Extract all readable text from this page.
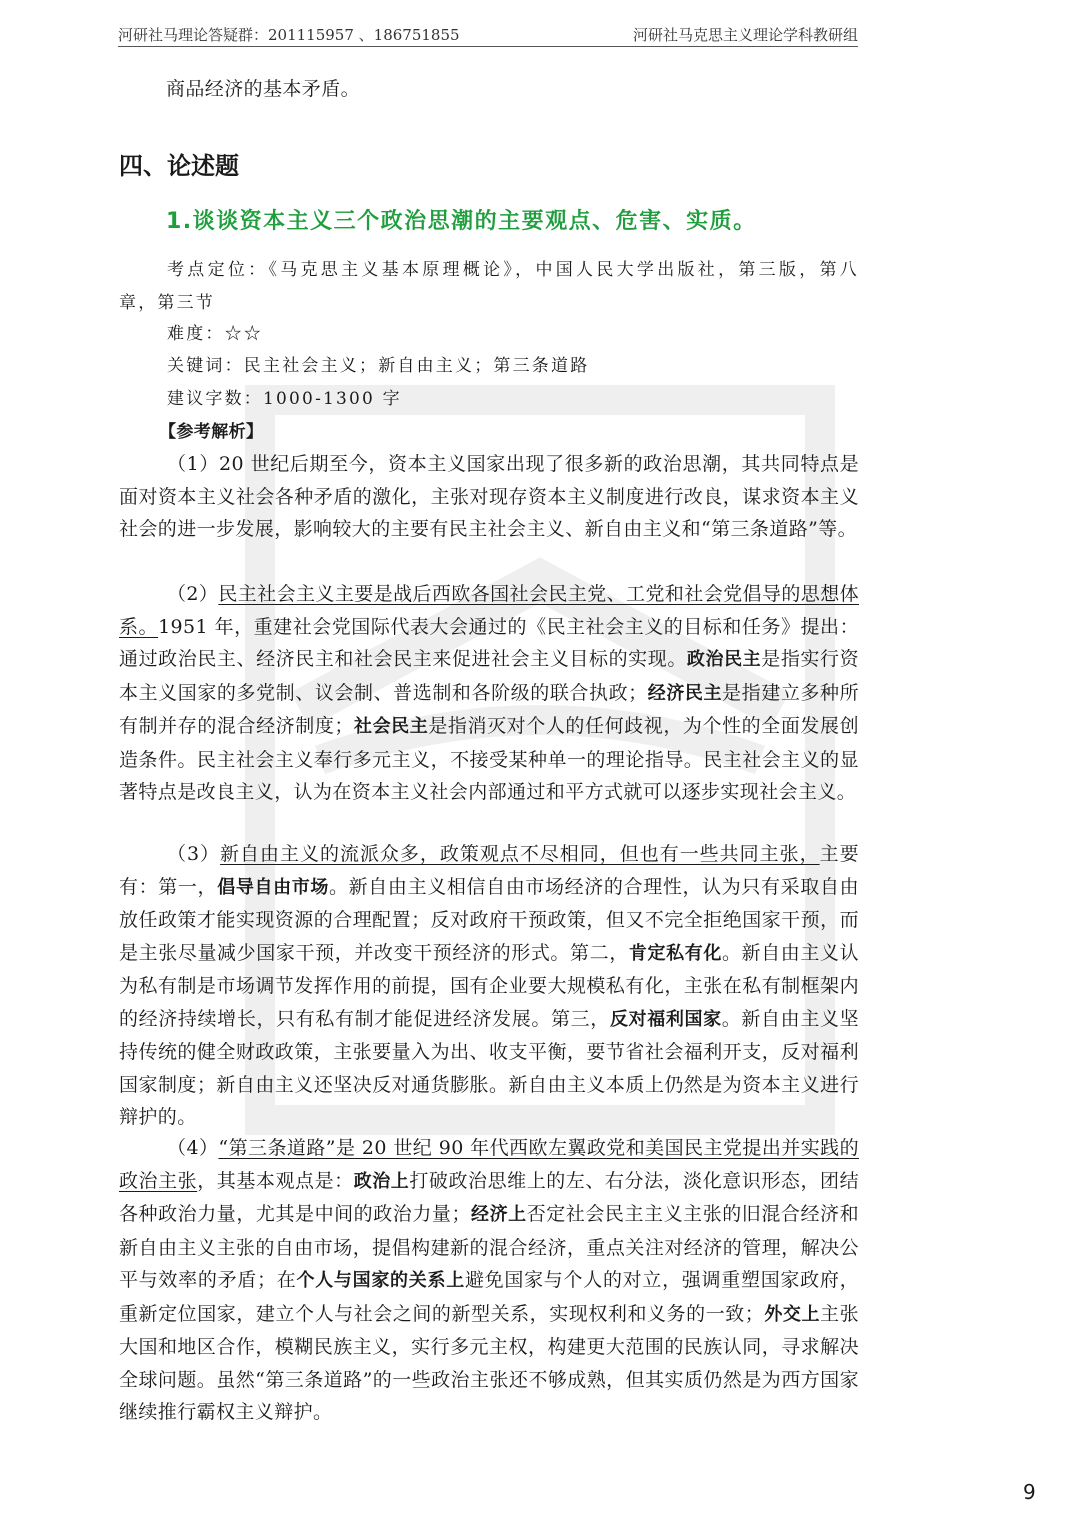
河研社马理论答疑群：201115957 、186751855	河研社马克思主义理论学科教研组
商品经济的基本矛盾。
四、论述题
1.谈谈资本主义三个政治思潮的主要观点、危害、实质。
考点定位：《马克思主义基本原理概论》，中国人民大学出版社，第三版，第八章，第三节
难度：☆☆
关键词：民主社会主义；新自由主义；第三条道路
建议字数：1000-1300 字
【参考解析】
（1）20 世纪后期至今，资本主义国家出现了很多新的政治思潮，其共同特点是面对资本主义社会各种矛盾的激化，主张对现存资本主义制度进行改良，谋求资本主义社会的进一步发展，影响较大的主要有民主社会主义、新自由主义和“第三条道路”等。
（2）民主社会主义主要是战后西欧各国社会民主党、工党和社会党倡导的思想体系。1951 年，重建社会党国际代表大会通过的《民主社会主义的目标和任务》提出：通过政治民主、经济民主和社会民主来促进社会主义目标的实现。政治民主是指实行资本主义国家的多党制、议会制、普选制和各阶级的联合执政；经济民主是指建立多种所有制并存的混合经济制度；社会民主是指消灭对个人的任何歧视，为个性的全面发展创造条件。民主社会主义奉行多元主义，不接受某种单一的理论指导。民主社会主义的显著特点是改良主义，认为在资本主义社会内部通过和平方式就可以逐步实现社会主义。
（3）新自由主义的流派众多，政策观点不尽相同，但也有一些共同主张，主要有：第一，倡导自由市场。新自由主义相信自由市场经济的合理性，认为只有采取自由放任政策才能实现资源的合理配置；反对政府干预政策，但又不完全拒绝国家干预，而是主张尽量减少国家干预，并改变干预经济的形式。第二，肯定私有化。新自由主义认为私有制是市场调节发挥作用的前提，国有企业要大规模私有化，主张在私有制框架内的经济持续增长，只有私有制才能促进经济发展。第三，反对福利国家。新自由主义坚持传统的健全财政政策，主张要量入为出、收支平衡，要节省社会福利开支，反对福利国家制度；新自由主义还坚决反对通货膨胀。新自由主义本质上仍然是为资本主义进行辩护的。
（4）“第三条道路”是 20 世纪 90 年代西欧左翼政党和美国民主党提出并实践的政治主张，其基本观点是：政治上打破政治思维上的左、右分法，淡化意识形态，团结各种政治力量，尤其是中间的政治力量；经济上否定社会民主主义主张的旧混合经济和新自由主义主张的自由市场，提倡构建新的混合经济，重点关注对经济的管理，解决公平与效率的矛盾；在个人与国家的关系上避免国家与个人的对立，强调重塑国家政府，重新定位国家，建立个人与社会之间的新型关系，实现权利和义务的一致；外交上主张大国和地区合作，模糊民族主义，实行多元主权，构建更大范围的民族认同，寻求解决全球问题。虽然“第三条道路”的一些政治主张还不够成熟，但其实质仍然是为西方国家继续推行霸权主义辩护。
9
